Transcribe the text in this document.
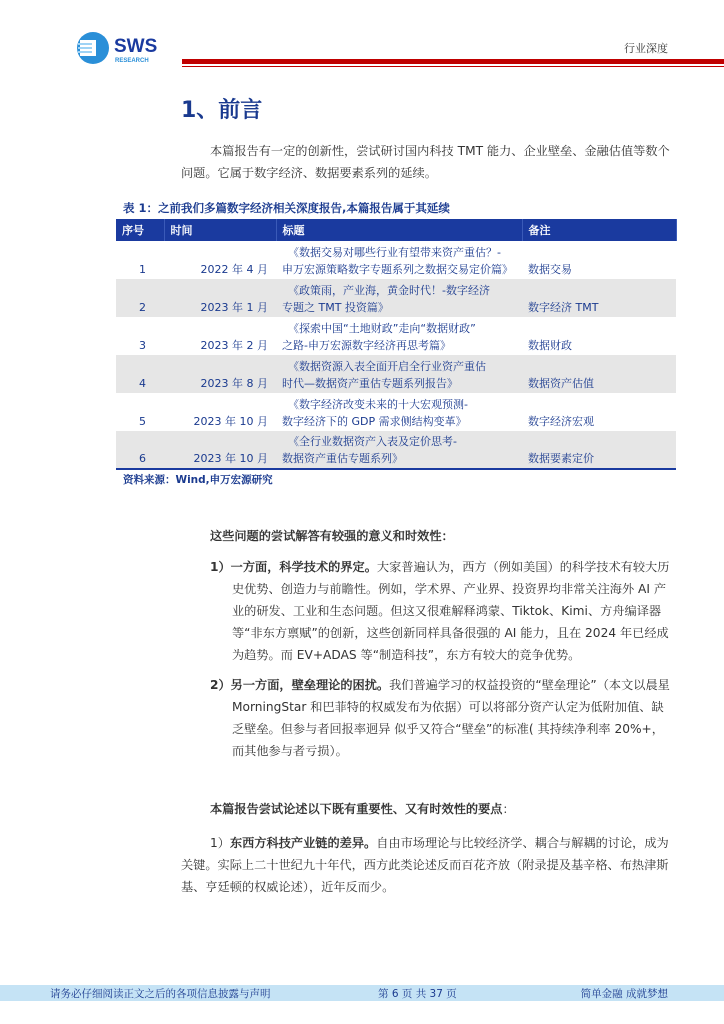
SWS
RESEARCH
行业深度
1、前言
本篇报告有一定的创新性，尝试研讨国内科技 TMT 能力、企业壁垒、金融估值等数个问题。它属于数字经济、数据要素系列的延续。
表 1：之前我们多篇数字经济相关深度报告,本篇报告属于其延续
序号	时间	标题	备注
1	2022 年 4 月	《数据交易对哪些行业有望带来资产重估？-
申万宏源策略数字专题系列之数据交易定价篇》	数据交易
2	2023 年 1 月	《政策雨，产业海，黄金时代！-数字经济
专题之 TMT 投资篇》	数字经济 TMT
3	2023 年 2 月	《探索中国“土地财政”走向“数据财政”
之路-申万宏源数字经济再思考篇》	数据财政
4	2023 年 8 月	《数据资源入表全面开启全行业资产重估
时代—数据资产重估专题系列报告》	数据资产估值
5	2023 年 10 月	《数字经济改变未来的十大宏观预测-
数字经济下的 GDP 需求侧结构变革》	数字经济宏观
6	2023 年 10 月	《全行业数据资产入表及定价思考-
数据资产重估专题系列》	数据要素定价
资料来源：Wind,申万宏源研究
这些问题的尝试解答有较强的意义和时效性：
1）一方面，科学技术的界定。大家普遍认为，西方（例如美国）的科学技术有较大历史优势、创造力与前瞻性。例如，学术界、产业界、投资界均非常关注海外 AI 产业的研发、工业和生态问题。但这又很难解释鸿蒙、Tiktok、Kimi、方舟编译器等“非东方禀赋”的创新，这些创新同样具备很强的 AI 能力，且在 2024 年已经成为趋势。而 EV+ADAS 等“制造科技”，东方有较大的竞争优势。
2）另一方面，壁垒理论的困扰。我们普遍学习的权益投资的“壁垒理论”（本文以晨星 MorningStar 和巴菲特的权威发布为依据）可以将部分资产认定为低附加值、缺乏壁垒。但参与者回报率迥异 似乎又符合“壁垒”的标准( 其持续净利率 20%+，而其他参与者亏损）。
本篇报告尝试论述以下既有重要性、又有时效性的要点：
1）东西方科技产业链的差异。自由市场理论与比较经济学、耦合与解耦的讨论，成为关键。实际上二十世纪九十年代，西方此类论述反而百花齐放（附录提及基辛格、布热津斯基、亨廷顿的权威论述），近年反而少。
请务必仔细阅读正文之后的各项信息披露与声明	第 6 页 共 37 页	简单金融 成就梦想
